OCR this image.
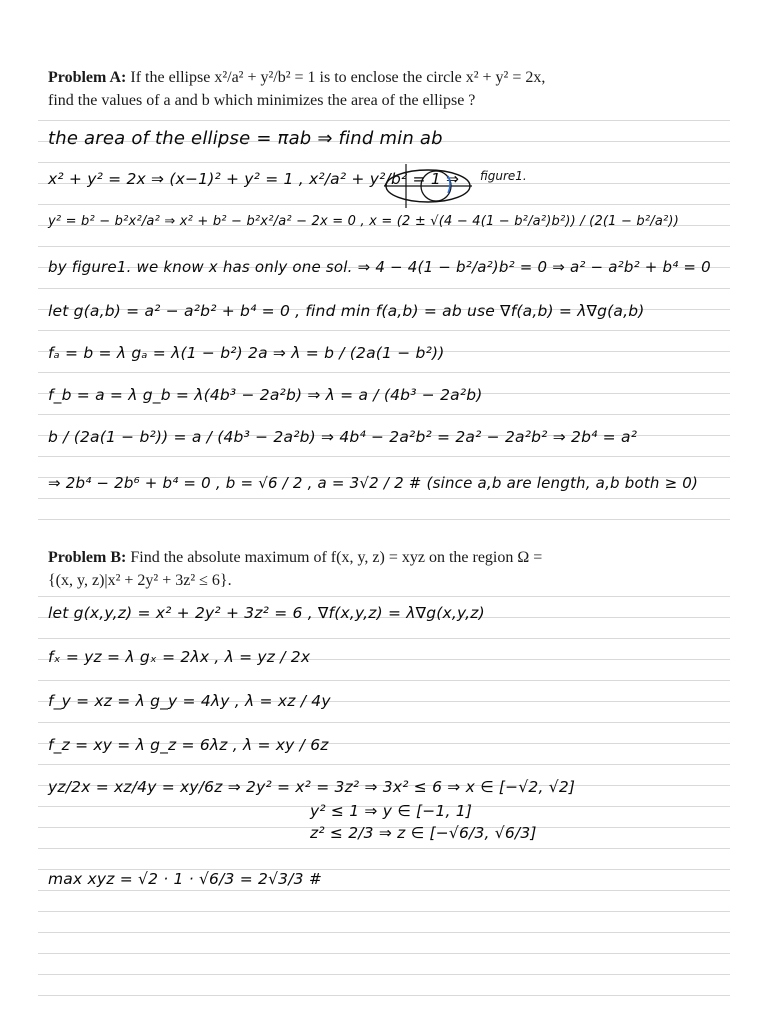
Problem A: If the ellipse x²/a² + y²/b² = 1 is to enclose the circle x² + y² = 2x,
find the values of a and b which minimizes the area of the ellipse ?
the area of the ellipse = πab ⇒ find min ab
x² + y² = 2x ⇒ (x−1)² + y² = 1 , x²/a² + y²/b² = 1 ⇒
y² = b² − b²x²/a² ⇒ x² + b² − b²x²/a² − 2x = 0 , x = (2 ± √(4 − 4(1 − b²/a²)b²)) / (2(1 − b²/a²))
by figure1. we know x has only one sol. ⇒ 4 − 4(1 − b²/a²)b² = 0 ⇒ a² − a²b² + b⁴ = 0
let g(a,b) = a² − a²b² + b⁴ = 0 , find min f(a,b) = ab use ∇f(a,b) = λ∇g(a,b)
fₐ = b = λ gₐ = λ(1 − b²) 2a ⇒ λ = b / (2a(1 − b²))
f_b = a = λ g_b = λ(4b³ − 2a²b) ⇒ λ = a / (4b³ − 2a²b)
b / (2a(1 − b²)) = a / (4b³ − 2a²b) ⇒ 4b⁴ − 2a²b² = 2a² − 2a²b² ⇒ 2b⁴ = a²
⇒ 2b⁴ − 2b⁶ + b⁴ = 0 , b = √6 / 2 , a = 3√2 / 2 # (since a,b are length, a,b both ≥ 0)
figure1.
Problem B: Find the absolute maximum of f(x, y, z) = xyz on the region Ω =
{(x, y, z)|x² + 2y² + 3z² ≤ 6}.
let g(x,y,z) = x² + 2y² + 3z² = 6 , ∇f(x,y,z) = λ∇g(x,y,z)
fₓ = yz = λ gₓ = 2λx , λ = yz / 2x
f_y = xz = λ g_y = 4λy , λ = xz / 4y
f_z = xy = λ g_z = 6λz , λ = xy / 6z
yz/2x = xz/4y = xy/6z ⇒ 2y² = x² = 3z² ⇒ 3x² ≤ 6 ⇒ x ∈ [−√2, √2]
y² ≤ 1 ⇒ y ∈ [−1, 1]
z² ≤ 2/3 ⇒ z ∈ [−√6/3, √6/3]
max xyz = √2 · 1 · √6/3 = 2√3/3 #
